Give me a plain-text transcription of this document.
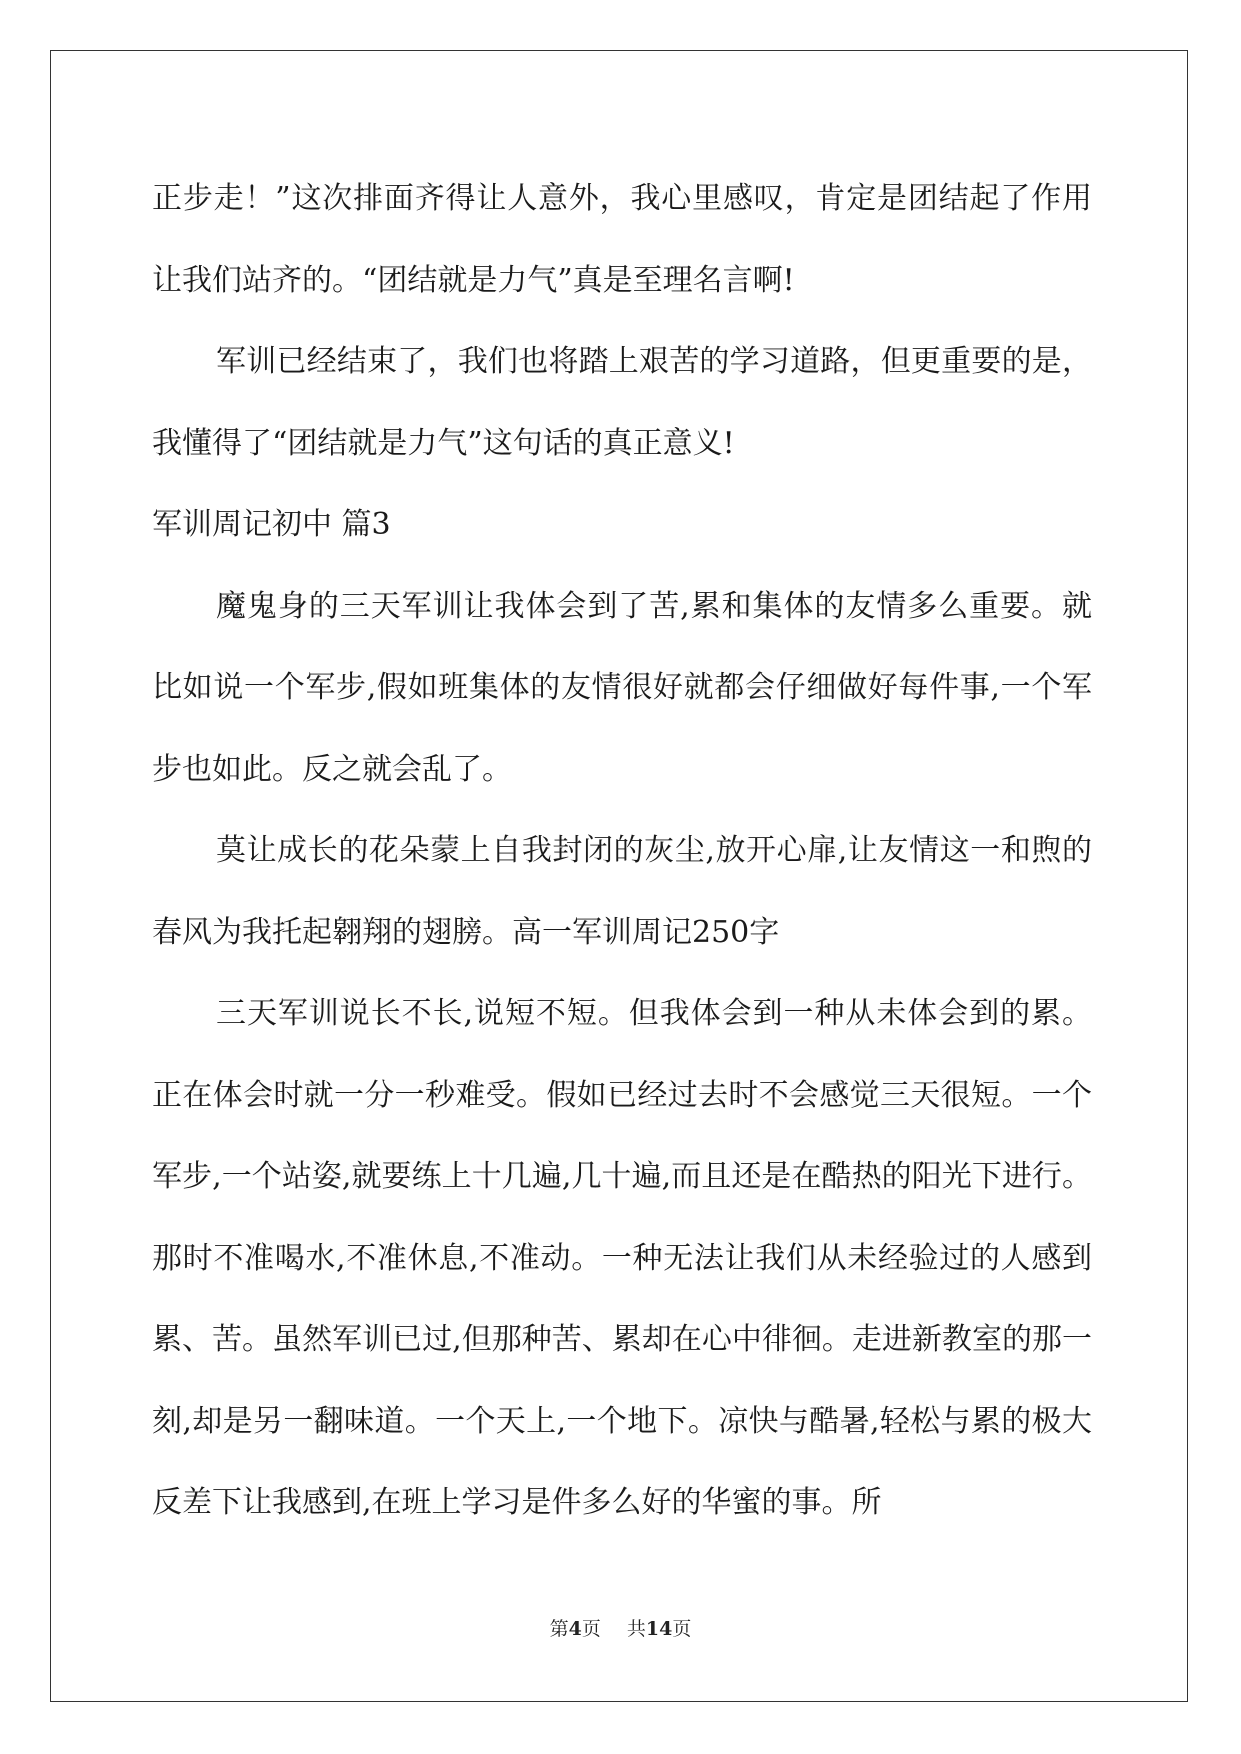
正步走！”这次排面齐得让人意外，我心里感叹，肯定是团结起了作用让我们站齐的。“团结就是力气”真是至理名言啊!

军训已经结束了，我们也将踏上艰苦的学习道路，但更重要的是，我懂得了“团结就是力气”这句话的真正意义!

军训周记初中 篇3

魔鬼身的三天军训让我体会到了苦,累和集体的友情多么重要。就比如说一个军步,假如班集体的友情很好就都会仔细做好每件事,一个军步也如此。反之就会乱了。

莫让成长的花朵蒙上自我封闭的灰尘,放开心扉,让友情这一和煦的春风为我托起翱翔的翅膀。高一军训周记250字

三天军训说长不长,说短不短。但我体会到一种从未体会到的累。正在体会时就一分一秒难受。假如已经过去时不会感觉三天很短。一个军步,一个站姿,就要练上十几遍,几十遍,而且还是在酷热的阳光下进行。那时不准喝水,不准休息,不准动。一种无法让我们从未经验过的人感到累、苦。虽然军训已过,但那种苦、累却在心中徘徊。走进新教室的那一刻,却是另一翻味道。一个天上,一个地下。凉快与酷暑,轻松与累的极大反差下让我感到,在班上学习是件多么好的华蜜的事。所

第4页 共14页
